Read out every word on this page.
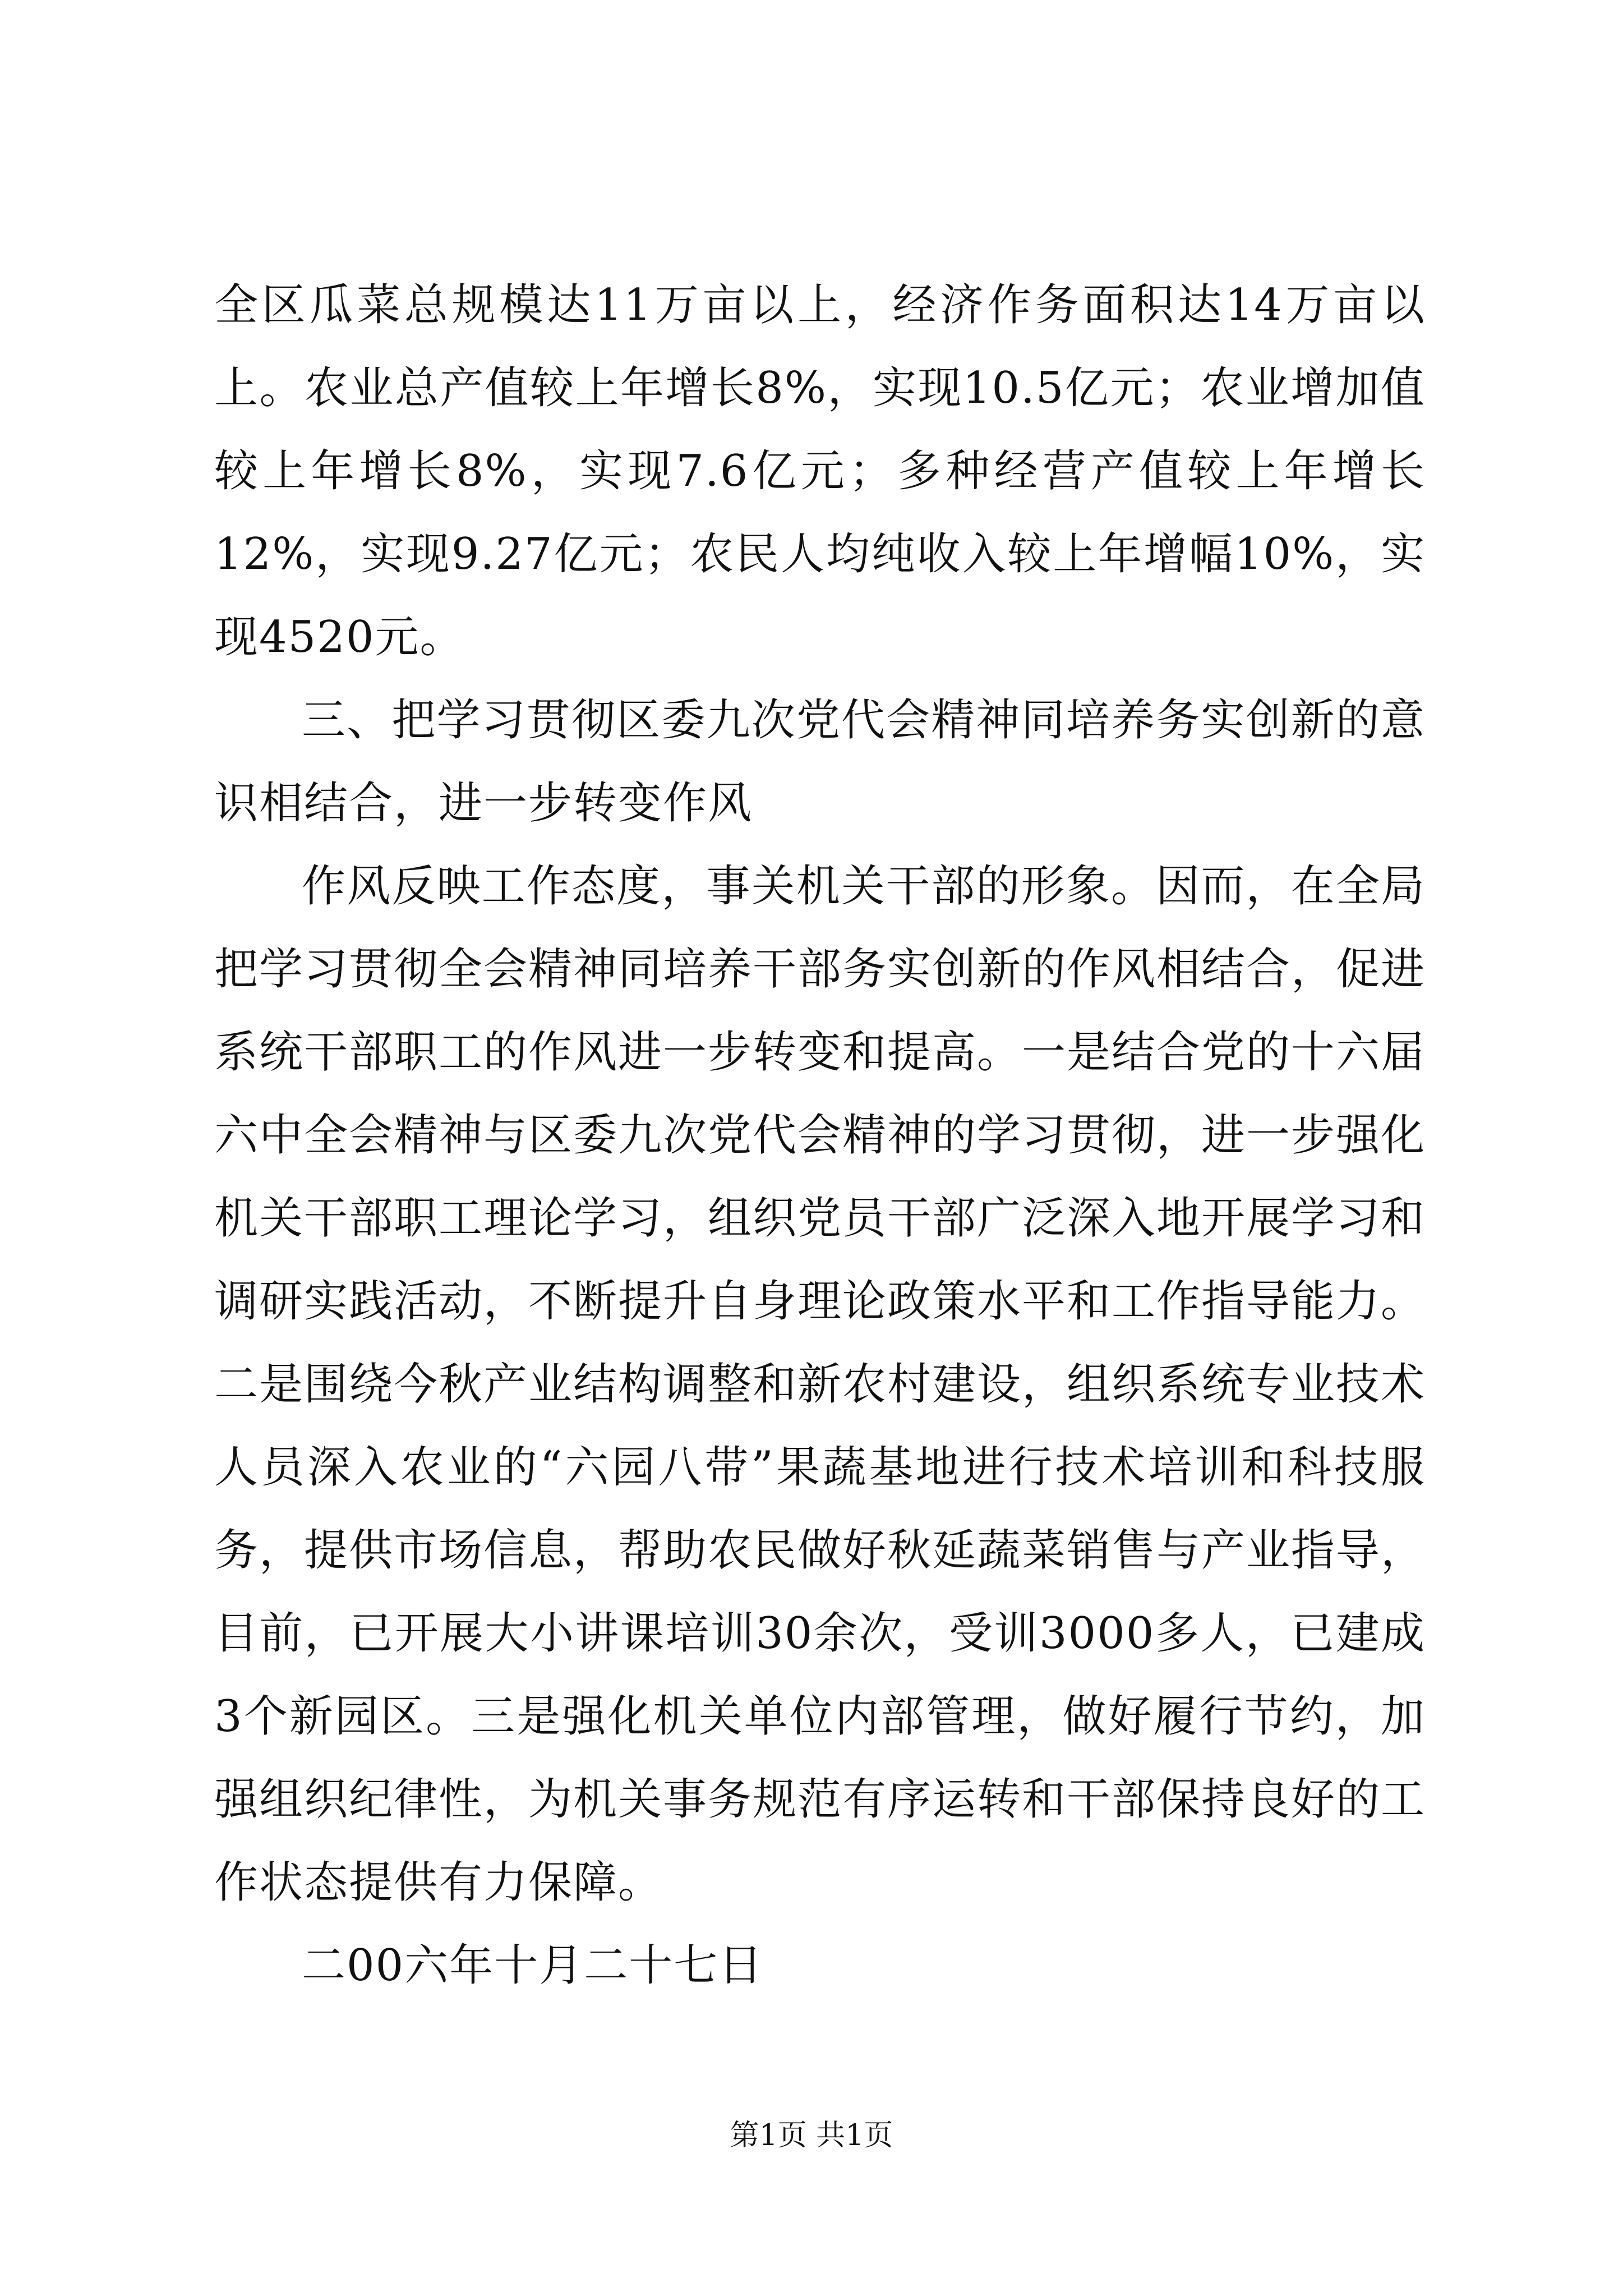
全区瓜菜总规模达11万亩以上，经济作务面积达14万亩以上。农业总产值较上年增长8%，实现10.5亿元；农业增加值较上年增长8%，实现7.6亿元；多种经营产值较上年增长12%，实现9.27亿元；农民人均纯收入较上年增幅10%，实现4520元。

三、把学习贯彻区委九次党代会精神同培养务实创新的意识相结合，进一步转变作风

作风反映工作态度，事关机关干部的形象。因而，在全局把学习贯彻全会精神同培养干部务实创新的作风相结合，促进系统干部职工的作风进一步转变和提高。一是结合党的十六届六中全会精神与区委九次党代会精神的学习贯彻，进一步强化机关干部职工理论学习，组织党员干部广泛深入地开展学习和调研实践活动，不断提升自身理论政策水平和工作指导能力。二是围绕今秋产业结构调整和新农村建设，组织系统专业技术人员深入农业的“六园八带”果蔬基地进行技术培训和科技服务，提供市场信息，帮助农民做好秋延蔬菜销售与产业指导，目前，已开展大小讲课培训30余次，受训3000多人，已建成3个新园区。三是强化机关单位内部管理，做好履行节约，加强组织纪律性，为机关事务规范有序运转和干部保持良好的工作状态提供有力保障。

二00六年十月二十七日

第1页 共1页
